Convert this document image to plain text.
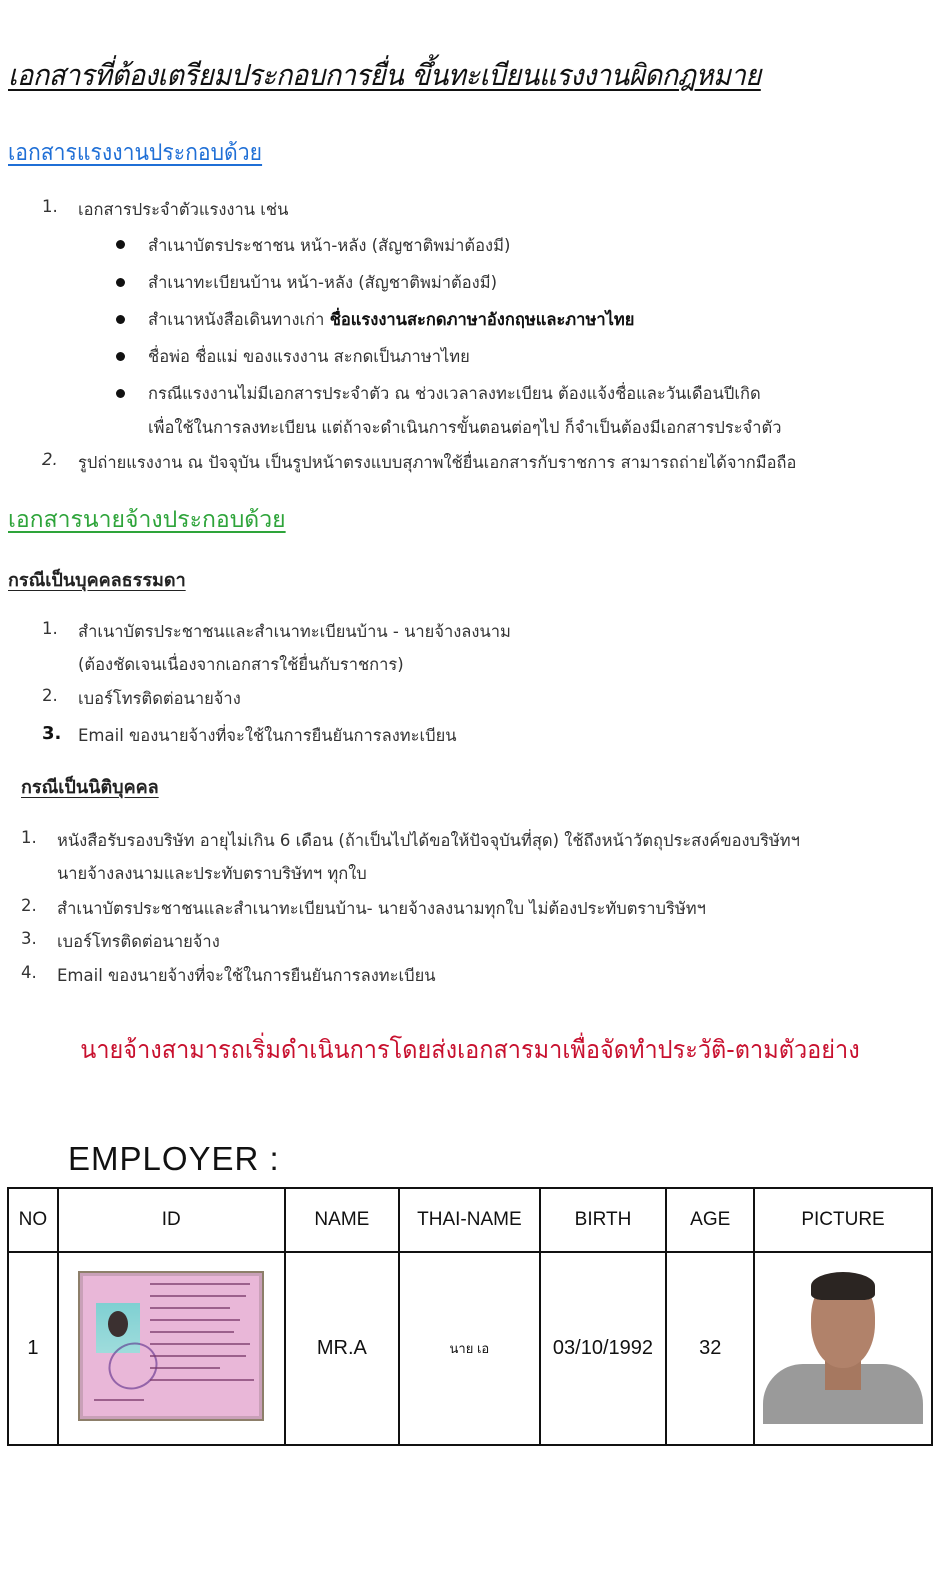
เอกสารที่ต้องเตรียมประกอบการยื่น ขึ้นทะเบียนแรงงานผิดกฎหมาย
เอกสารแรงงานประกอบด้วย
1. เอกสารประจำตัวแรงงาน เช่น
สำเนาบัตรประชาชน หน้า-หลัง (สัญชาติพม่าต้องมี)
สำเนาทะเบียนบ้าน หน้า-หลัง (สัญชาติพม่าต้องมี)
สำเนาหนังสือเดินทางเก่า ชื่อแรงงานสะกดภาษาอังกฤษและภาษาไทย
ชื่อพ่อ ชื่อแม่ ของแรงงาน สะกดเป็นภาษาไทย
กรณีแรงงานไม่มีเอกสารประจำตัว ณ ช่วงเวลาลงทะเบียน ต้องแจ้งชื่อและวันเดือนปีเกิด
เพื่อใช้ในการลงทะเบียน แต่ถ้าจะดำเนินการขั้นตอนต่อๆไป ก็จำเป็นต้องมีเอกสารประจำตัว
2. รูปถ่ายแรงงาน ณ ปัจจุบัน เป็นรูปหน้าตรงแบบสุภาพใช้ยื่นเอกสารกับราชการ สามารถถ่ายได้จากมือถือ
เอกสารนายจ้างประกอบด้วย
กรณีเป็นบุคคลธรรมดา
1. สำเนาบัตรประชาชนและสำเนาทะเบียนบ้าน - นายจ้างลงนาม
(ต้องชัดเจนเนื่องจากเอกสารใช้ยื่นกับราชการ)
2. เบอร์โทรติดต่อนายจ้าง
3. Email ของนายจ้างที่จะใช้ในการยืนยันการลงทะเบียน
กรณีเป็นนิติบุคคล
1. หนังสือรับรองบริษัท อายุไม่เกิน 6 เดือน (ถ้าเป็นไปได้ขอให้ปัจจุบันที่สุด) ใช้ถึงหน้าวัตถุประสงค์ของบริษัทฯ
นายจ้างลงนามและประทับตราบริษัทฯ ทุกใบ
2. สำเนาบัตรประชาชนและสำเนาทะเบียนบ้าน- นายจ้างลงนามทุกใบ ไม่ต้องประทับตราบริษัทฯ
3. เบอร์โทรติดต่อนายจ้าง
4. Email ของนายจ้างที่จะใช้ในการยืนยันการลงทะเบียน
นายจ้างสามารถเริ่มดำเนินการโดยส่งเอกสารมาเพื่อจัดทำประวัติ-ตามตัวอย่าง
EMPLOYER :
NO	ID	NAME	THAI-NAME	BIRTH	AGE	PICTURE
1		MR.A	นาย เอ	03/10/1992	32	
